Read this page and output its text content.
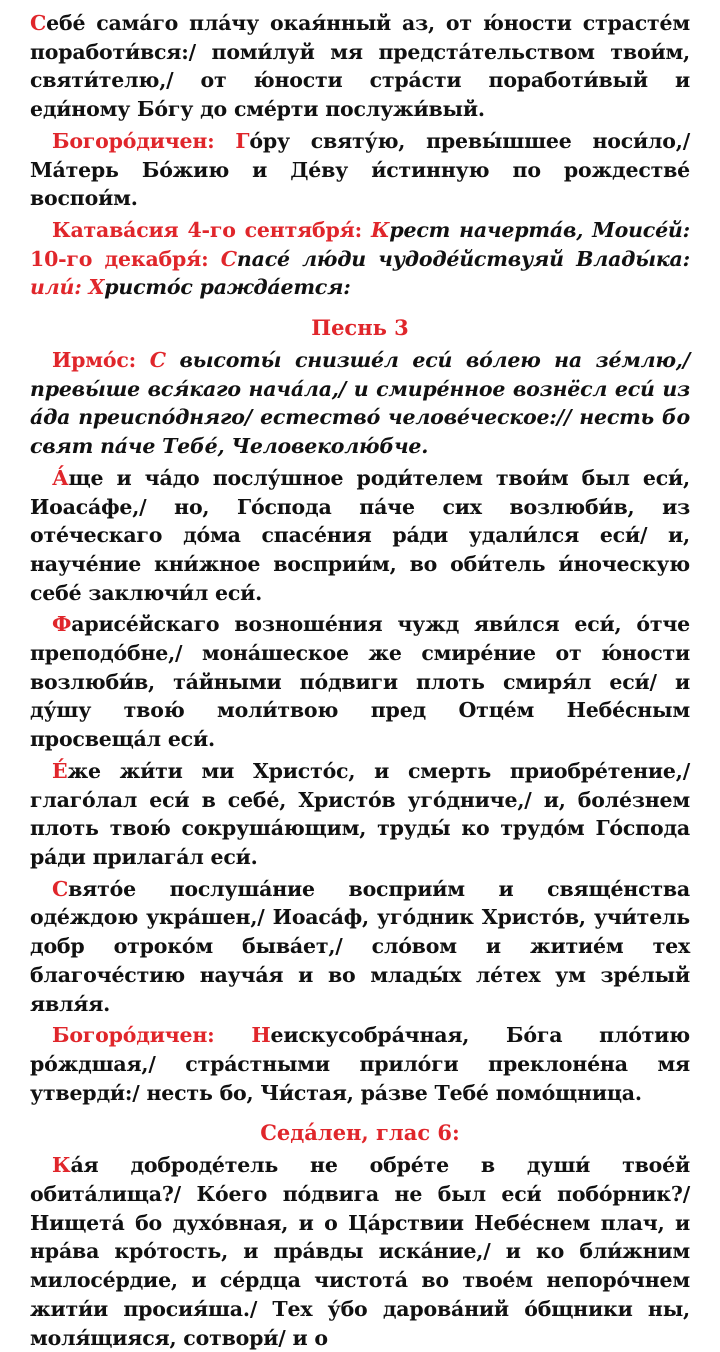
Себе́ сама́го пла́чу окая́нный аз, от ю́ности страсте́м поработи́вся:/ поми́луй мя предста́тельством твои́м, святи́телю,/ от ю́ности стра́сти поработи́вый и еди́ному Бо́гу до сме́рти послужи́вый.

Богоро́дичен: Го́ру святу́ю, превы́шшее носи́ло,/ Ма́терь Бо́жию и Де́ву и́стинную по рождестве́ воспои́м.

Катава́сия 4-го сентября́: Крест начерта́в, Моисе́й: 10-го декабря́: Спасе́ лю́ди чудоде́йствуяй Влады́ка: или́: Христо́с ражда́ется:

Песнь 3

Ирмо́с: С высоты́ снизше́л еси́ во́лею на зе́млю,/ превы́ше вся́каго нача́ла,/ и смире́нное вознёсл еси́ из а́да преиспо́дняго/ естество́ челове́ческое:// несть бо свят па́че Тебе́, Человеколю́бче.

А́ще и ча́до послу́шное роди́телем твои́м был еси́, Иоаса́фе,/ но, Го́спода па́че сих возлюби́в, из оте́ческаго до́ма спасе́ния ра́ди удали́лся еси́/ и, науче́ние кни́жное восприи́м, во оби́тель и́ноческую себе́ заключи́л еси́.

Фарисе́йскаго возноше́ния чужд яви́лся еси́, о́тче преподо́бне,/ мона́шеское же смире́ние от ю́ности возлюби́в, та́йными по́двиги плоть смиря́л еси́/ и ду́шу твою́ моли́твою пред Отце́м Небе́сным просвеща́л еси́.

Е́же жи́ти ми Христо́с, и смерть приобре́тение,/ глаго́лал еси́ в себе́, Христо́в уго́дниче,/ и, боле́знем плоть твою́ сокруша́ющим, труды́ ко трудо́м Го́спода ра́ди прилага́л еси́.

Свято́е послуша́ние восприи́м и свяще́нства оде́ждою укра́шен,/ Иоаса́ф, уго́дник Христо́в, учи́тель добр отроко́м быва́ет,/ сло́вом и житие́м тех благоче́стию науча́я и во млады́х ле́тех ум зре́лый явля́я.

Богоро́дичен: Неискусобра́чная, Бо́га пло́тию ро́ждшая,/ стра́стными прило́ги преклоне́на мя утверди́:/ несть бо, Чи́стая, ра́зве Тебе́ помо́щница.

Седа́лен, глас 6:

Ка́я доброде́тель не обре́те в души́ твое́й обита́лища?/ Ко́его по́двига не был еси́ побо́рник?/ Нищета́ бо духо́вная, и о Ца́рствии Небе́снем плач, и нра́ва кро́тость, и пра́вды иска́ние,/ и ко бли́жним милосе́рдие, и се́рдца чистота́ во твое́м непоро́чнем жити́и просия́ша./ Тех у́бо дарова́ний о́бщники ны, моля́щияся, сотвори́/ и о
